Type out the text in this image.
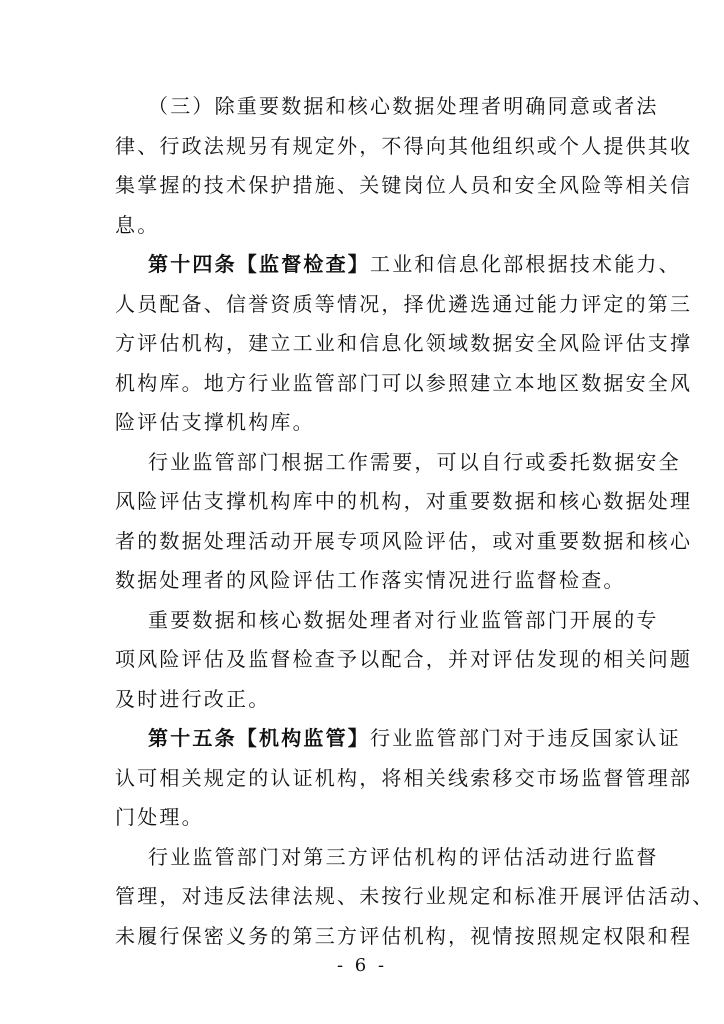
（三）除重要数据和核心数据处理者明确同意或者法
律、行政法规另有规定外，不得向其他组织或个人提供其收
集掌握的技术保护措施、关键岗位人员和安全风险等相关信
息。
第十四条【监督检查】工业和信息化部根据技术能力、
人员配备、信誉资质等情况，择优遴选通过能力评定的第三
方评估机构，建立工业和信息化领域数据安全风险评估支撑
机构库。地方行业监管部门可以参照建立本地区数据安全风
险评估支撑机构库。
行业监管部门根据工作需要，可以自行或委托数据安全
风险评估支撑机构库中的机构，对重要数据和核心数据处理
者的数据处理活动开展专项风险评估，或对重要数据和核心
数据处理者的风险评估工作落实情况进行监督检查。
重要数据和核心数据处理者对行业监管部门开展的专
项风险评估及监督检查予以配合，并对评估发现的相关问题
及时进行改正。
第十五条【机构监管】行业监管部门对于违反国家认证
认可相关规定的认证机构，将相关线索移交市场监督管理部
门处理。
行业监管部门对第三方评估机构的评估活动进行监督
管理，对违反法律法规、未按行业规定和标准开展评估活动、
未履行保密义务的第三方评估机构，视情按照规定权限和程
- 6 -
